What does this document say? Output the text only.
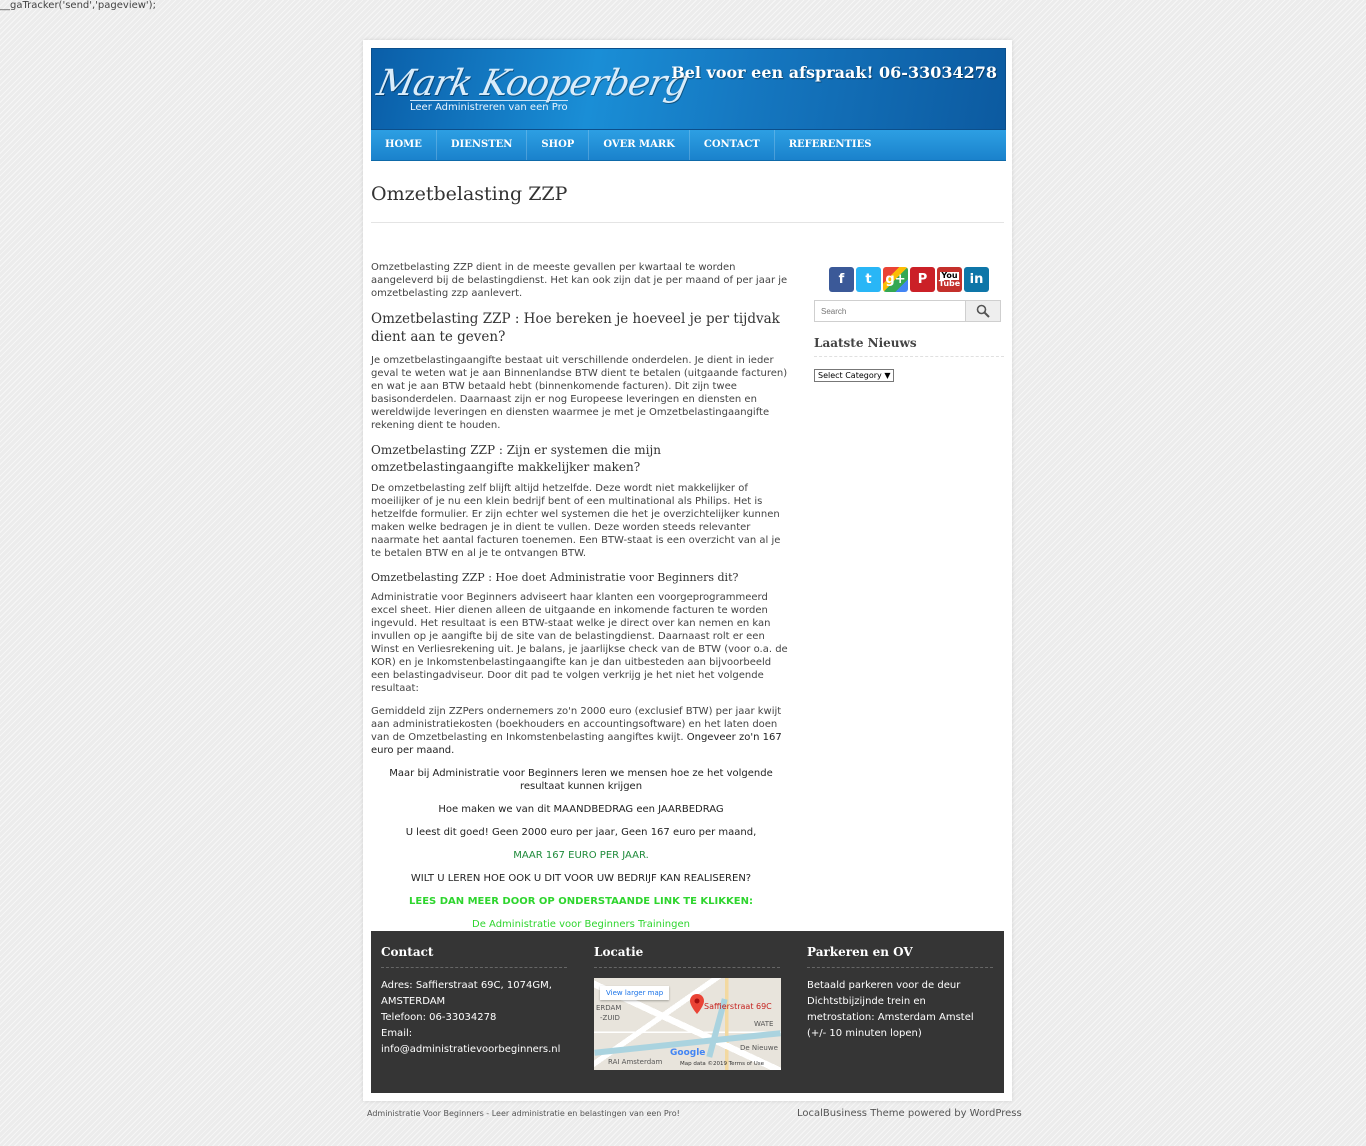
__gaTracker('send','pageview');
Mark Kooperberg
Leer Administreren van een Pro
Bel voor een afspraak! 06-33034278
HOME	DIENSTEN	SHOP	OVER MARK	CONTACT	REFERENTIES
Omzetbelasting ZZP

Omzetbelasting ZZP dient in de meeste gevallen per kwartaal te worden aangeleverd bij de belastingdienst. Het kan ook zijn dat je per maand of per jaar je omzetbelasting zzp aanlevert.

Omzetbelasting ZZP : Hoe bereken je hoeveel je per tijdvak dient aan te geven?

Je omzetbelastingaangifte bestaat uit verschillende onderdelen. Je dient in ieder geval te weten wat je aan Binnenlandse BTW dient te betalen (uitgaande facturen) en wat je aan BTW betaald hebt (binnenkomende facturen). Dit zijn twee basisonderdelen. Daarnaast zijn er nog Europeese leveringen en diensten en wereldwijde leveringen en diensten waarmee je met je Omzetbelastingaangifte rekening dient te houden.

Omzetbelasting ZZP : Zijn er systemen die mijn omzetbelastingaangifte makkelijker maken?

De omzetbelasting zelf blijft altijd hetzelfde. Deze wordt niet makkelijker of moeilijker of je nu een klein bedrijf bent of een multinational als Philips. Het is hetzelfde formulier. Er zijn echter wel systemen die het je overzichtelijker kunnen maken welke bedragen je in dient te vullen. Deze worden steeds relevanter naarmate het aantal facturen toenemen. Een BTW-staat is een overzicht van al je te betalen BTW en al je te ontvangen BTW.

Omzetbelasting ZZP : Hoe doet Administratie voor Beginners dit?

Administratie voor Beginners adviseert haar klanten een voorgeprogrammeerd excel sheet. Hier dienen alleen de uitgaande en inkomende facturen te worden ingevuld. Het resultaat is een BTW-staat welke je direct over kan nemen en kan invullen op je aangifte bij de site van de belastingdienst. Daarnaast rolt er een Winst en Verliesrekening uit. Je balans, je jaarlijkse check van de BTW (voor o.a. de KOR) en je Inkomstenbelastingaangifte kan je dan uitbesteden aan bijvoorbeeld een belastingadviseur. Door dit pad te volgen verkrijg je het niet het volgende resultaat:

Gemiddeld zijn ZZPers ondernemers zo'n 2000 euro (exclusief BTW) per jaar kwijt aan administratiekosten (boekhouders en accountingsoftware) en het laten doen van de Omzetbelasting en Inkomstenbelasting aangiftes kwijt. Ongeveer zo'n 167 euro per maand.

Maar bij Administratie voor Beginners leren we mensen hoe ze het volgende resultaat kunnen krijgen

Hoe maken we van dit MAANDBEDRAG een JAARBEDRAG

U leest dit goed! Geen 2000 euro per jaar, Geen 167 euro per maand,

MAAR 167 EURO PER JAAR.

WILT U LEREN HOE OOK U DIT VOOR UW BEDRIJF KAN REALISEREN?

LEES DAN MEER DOOR OP ONDERSTAANDE LINK TE KLIKKEN:

De Administratie voor Beginners Trainingen

f	t	g+ P	You
Tube in
Search
Laatste Nieuws
Select Category ▼
Contact
Adres: Saffierstraat 69C, 1074GM, AMSTERDAM
Telefoon: 06-33034278
Email:
info@administratievoorbeginners.nl
Locatie
ERDAM
-ZUID
WATE
De Nieuwe
RAI Amsterdam
View larger map
Saffierstraat 69C
Google
Map data ©2019 Terms of Use
Parkeren en OV
Betaald parkeren voor de deur Dichtstbijzijnde trein en metrostation: Amsterdam Amstel (+/- 10 minuten lopen)
Administratie Voor Beginners - Leer administratie en belastingen van een Pro!	LocalBusiness Theme powered by WordPress
